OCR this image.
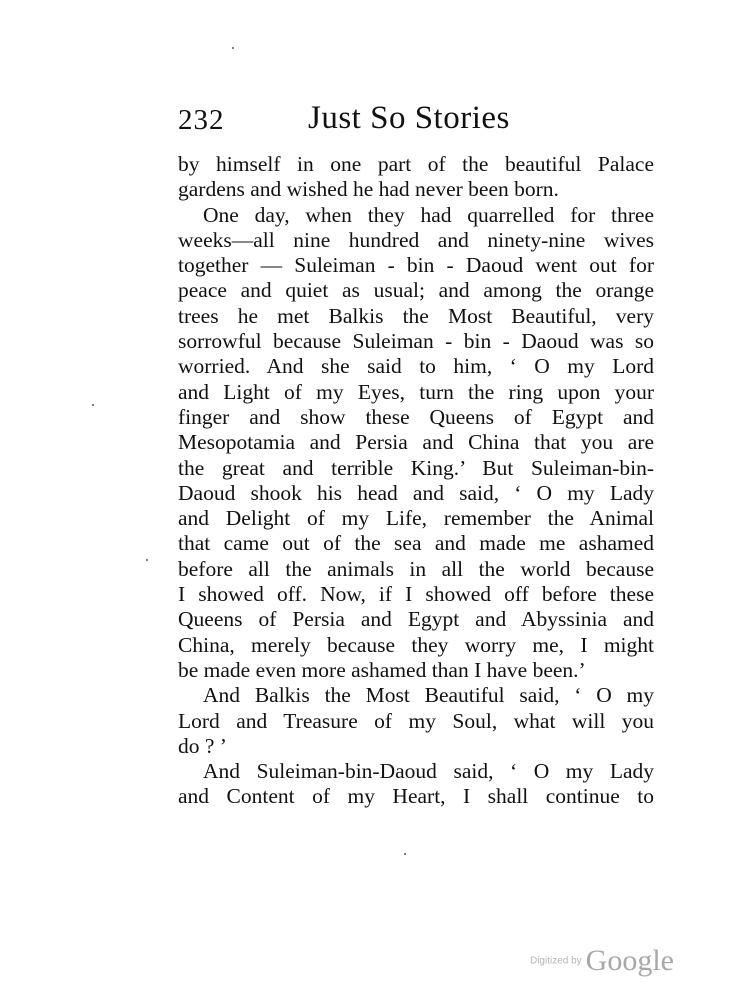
232	Just So Stories
by himself in one part of the beautiful Palace
gardens and wished he had never been born.
One day, when they had quarrelled for three
weeks—all nine hundred and ninety-nine wives
together — Suleiman - bin - Daoud went out for
peace and quiet as usual; and among the orange
trees he met Balkis the Most Beautiful, very
sorrowful because Suleiman - bin - Daoud was so
worried. And she said to him, ‘ O my Lord
and Light of my Eyes, turn the ring upon your
finger and show these Queens of Egypt and
Mesopotamia and Persia and China that you are
the great and terrible King.’ But Suleiman-bin-
Daoud shook his head and said, ‘ O my Lady
and Delight of my Life, remember the Animal
that came out of the sea and made me ashamed
before all the animals in all the world because
I showed off. Now, if I showed off before these
Queens of Persia and Egypt and Abyssinia and
China, merely because they worry me, I might
be made even more ashamed than I have been.’
And Balkis the Most Beautiful said, ‘ O my
Lord and Treasure of my Soul, what will you
do ? ’
And Suleiman-bin-Daoud said, ‘ O my Lady
and Content of my Heart, I shall continue to
Digitized by Google
